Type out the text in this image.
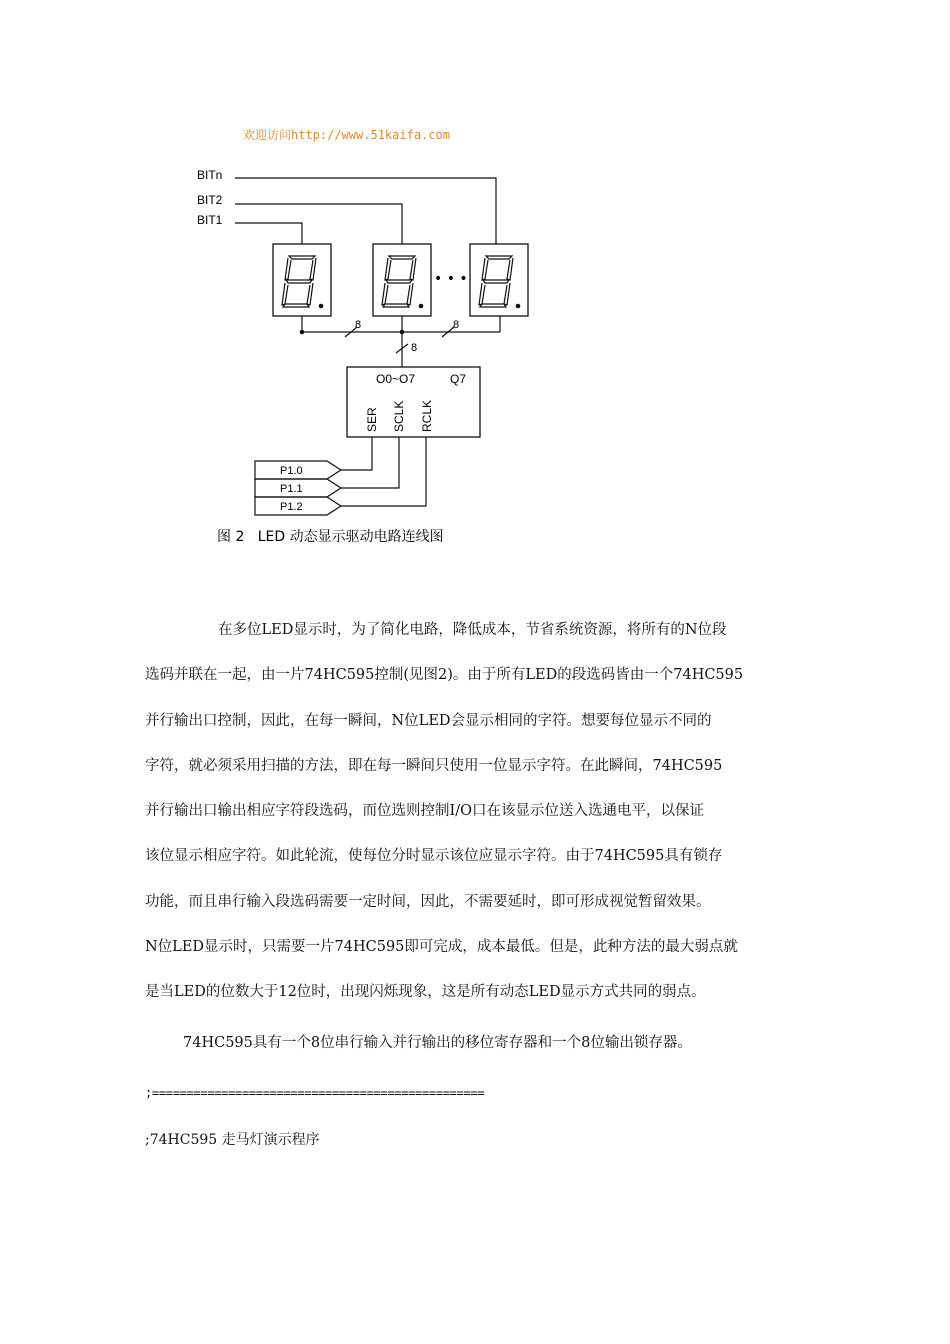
欢迎访问http://www.51kaifa.com
BITn
BIT2
BIT1
• • •
8	8
8
O0~O7	Q7
SER SCLK RCLK
P1.0
P1.1
P1.2
图 2   LED 动态显示驱动电路连线图

在多位LED显示时，为了简化电路，降低成本，节省系统资源，将所有的N位段
选码并联在一起，由一片74HC595控制(见图2)。由于所有LED的段选码皆由一个74HC595
并行输出口控制，因此，在每一瞬间，N位LED会显示相同的字符。想要每位显示不同的
字符，就必须采用扫描的方法，即在每一瞬间只使用一位显示字符。在此瞬间，74HC595
并行输出口输出相应字符段选码，而位选则控制I/O口在该显示位送入选通电平，以保证
该位显示相应字符。如此轮流，使每位分时显示该位应显示字符。由于74HC595具有锁存
功能，而且串行输入段选码需要一定时间，因此，不需要延时，即可形成视觉暂留效果。
N位LED显示时，只需要一片74HC595即可完成，成本最低。但是，此种方法的最大弱点就
是当LED的位数大于12位时，出现闪烁现象，这是所有动态LED显示方式共同的弱点。

74HC595具有一个8位串行输入并行输出的移位寄存器和一个8位输出锁存器。

;================================================

;74HC595 走马灯演示程序
